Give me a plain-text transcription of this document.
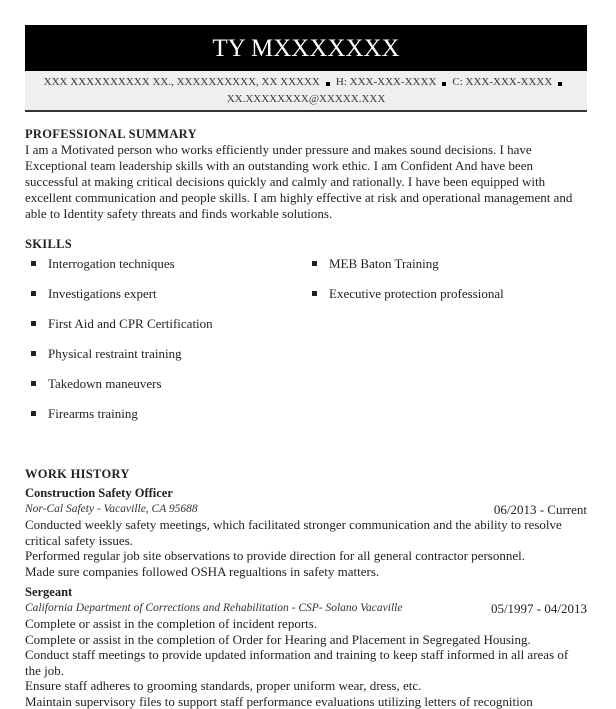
TY MXXXXXXX
XXX XXXXXXXXXX XX., XXXXXXXXXX, XX XXXXX H: XXX-XXX-XXXX C: XXX-XXX-XXXX
XX.XXXXXXXX@XXXXX.XXX
PROFESSIONAL SUMMARY
I am a Motivated person who works efficiently under pressure and makes sound decisions. I have Exceptional team leadership skills with an outstanding work ethic. I am Confident And have been successful at making critical decisions quickly and calmly and rationally. I have been equipped with excellent communication and people skills. I am highly effective at risk and operational management and able to Identity safety threats and finds workable solutions.
SKILLS
Interrogation techniques
Investigations expert
First Aid and CPR Certification
Physical restraint training
Takedown maneuvers
Firearms training
MEB Baton Training
Executive protection professional
WORK HISTORY
Construction Safety Officer
Nor-Cal Safety - Vacaville, CA 95688	06/2013 - Current
Conducted weekly safety meetings, which facilitated stronger communication and the ability to resolve critical safety issues.
Performed regular job site observations to provide direction for all general contractor personnel.
Made sure companies followed OSHA regualtions in safety matters.
Sergeant
California Department of Corrections and Rehabilitation - CSP- Solano Vacaville	05/1997 - 04/2013
Complete or assist in the completion of incident reports.
Complete or assist in the completion of Order for Hearing and Placement in Segregated Housing.
Conduct staff meetings to provide updated information and training to keep staff informed in all areas of the job.
Ensure staff adheres to grooming standards, proper uniform wear, dress, etc.
Maintain supervisory files to support staff performance evaluations utilizing letters of recognition
